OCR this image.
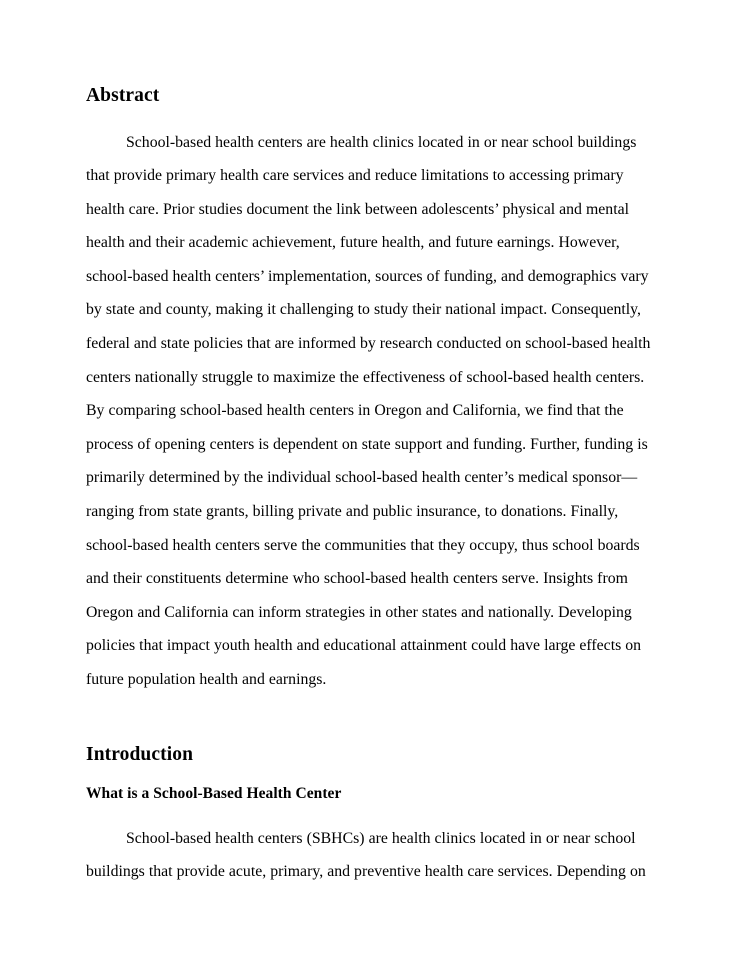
Abstract

School-based health centers are health clinics located in or near school buildings that provide primary health care services and reduce limitations to accessing primary health care. Prior studies document the link between adolescents’ physical and mental health and their academic achievement, future health, and future earnings. However, school-based health centers’ implementation, sources of funding, and demographics vary by state and county, making it challenging to study their national impact. Consequently, federal and state policies that are informed by research conducted on school-based health centers nationally struggle to maximize the effectiveness of school-based health centers. By comparing school-based health centers in Oregon and California, we find that the process of opening centers is dependent on state support and funding. Further, funding is primarily determined by the individual school-based health center’s medical sponsor— ranging from state grants, billing private and public insurance, to donations. Finally, school-based health centers serve the communities that they occupy, thus school boards and their constituents determine who school-based health centers serve. Insights from Oregon and California can inform strategies in other states and nationally. Developing policies that impact youth health and educational attainment could have large effects on future population health and earnings.

Introduction
What is a School-Based Health Center

School-based health centers (SBHCs) are health clinics located in or near school buildings that provide acute, primary, and preventive health care services. Depending on
